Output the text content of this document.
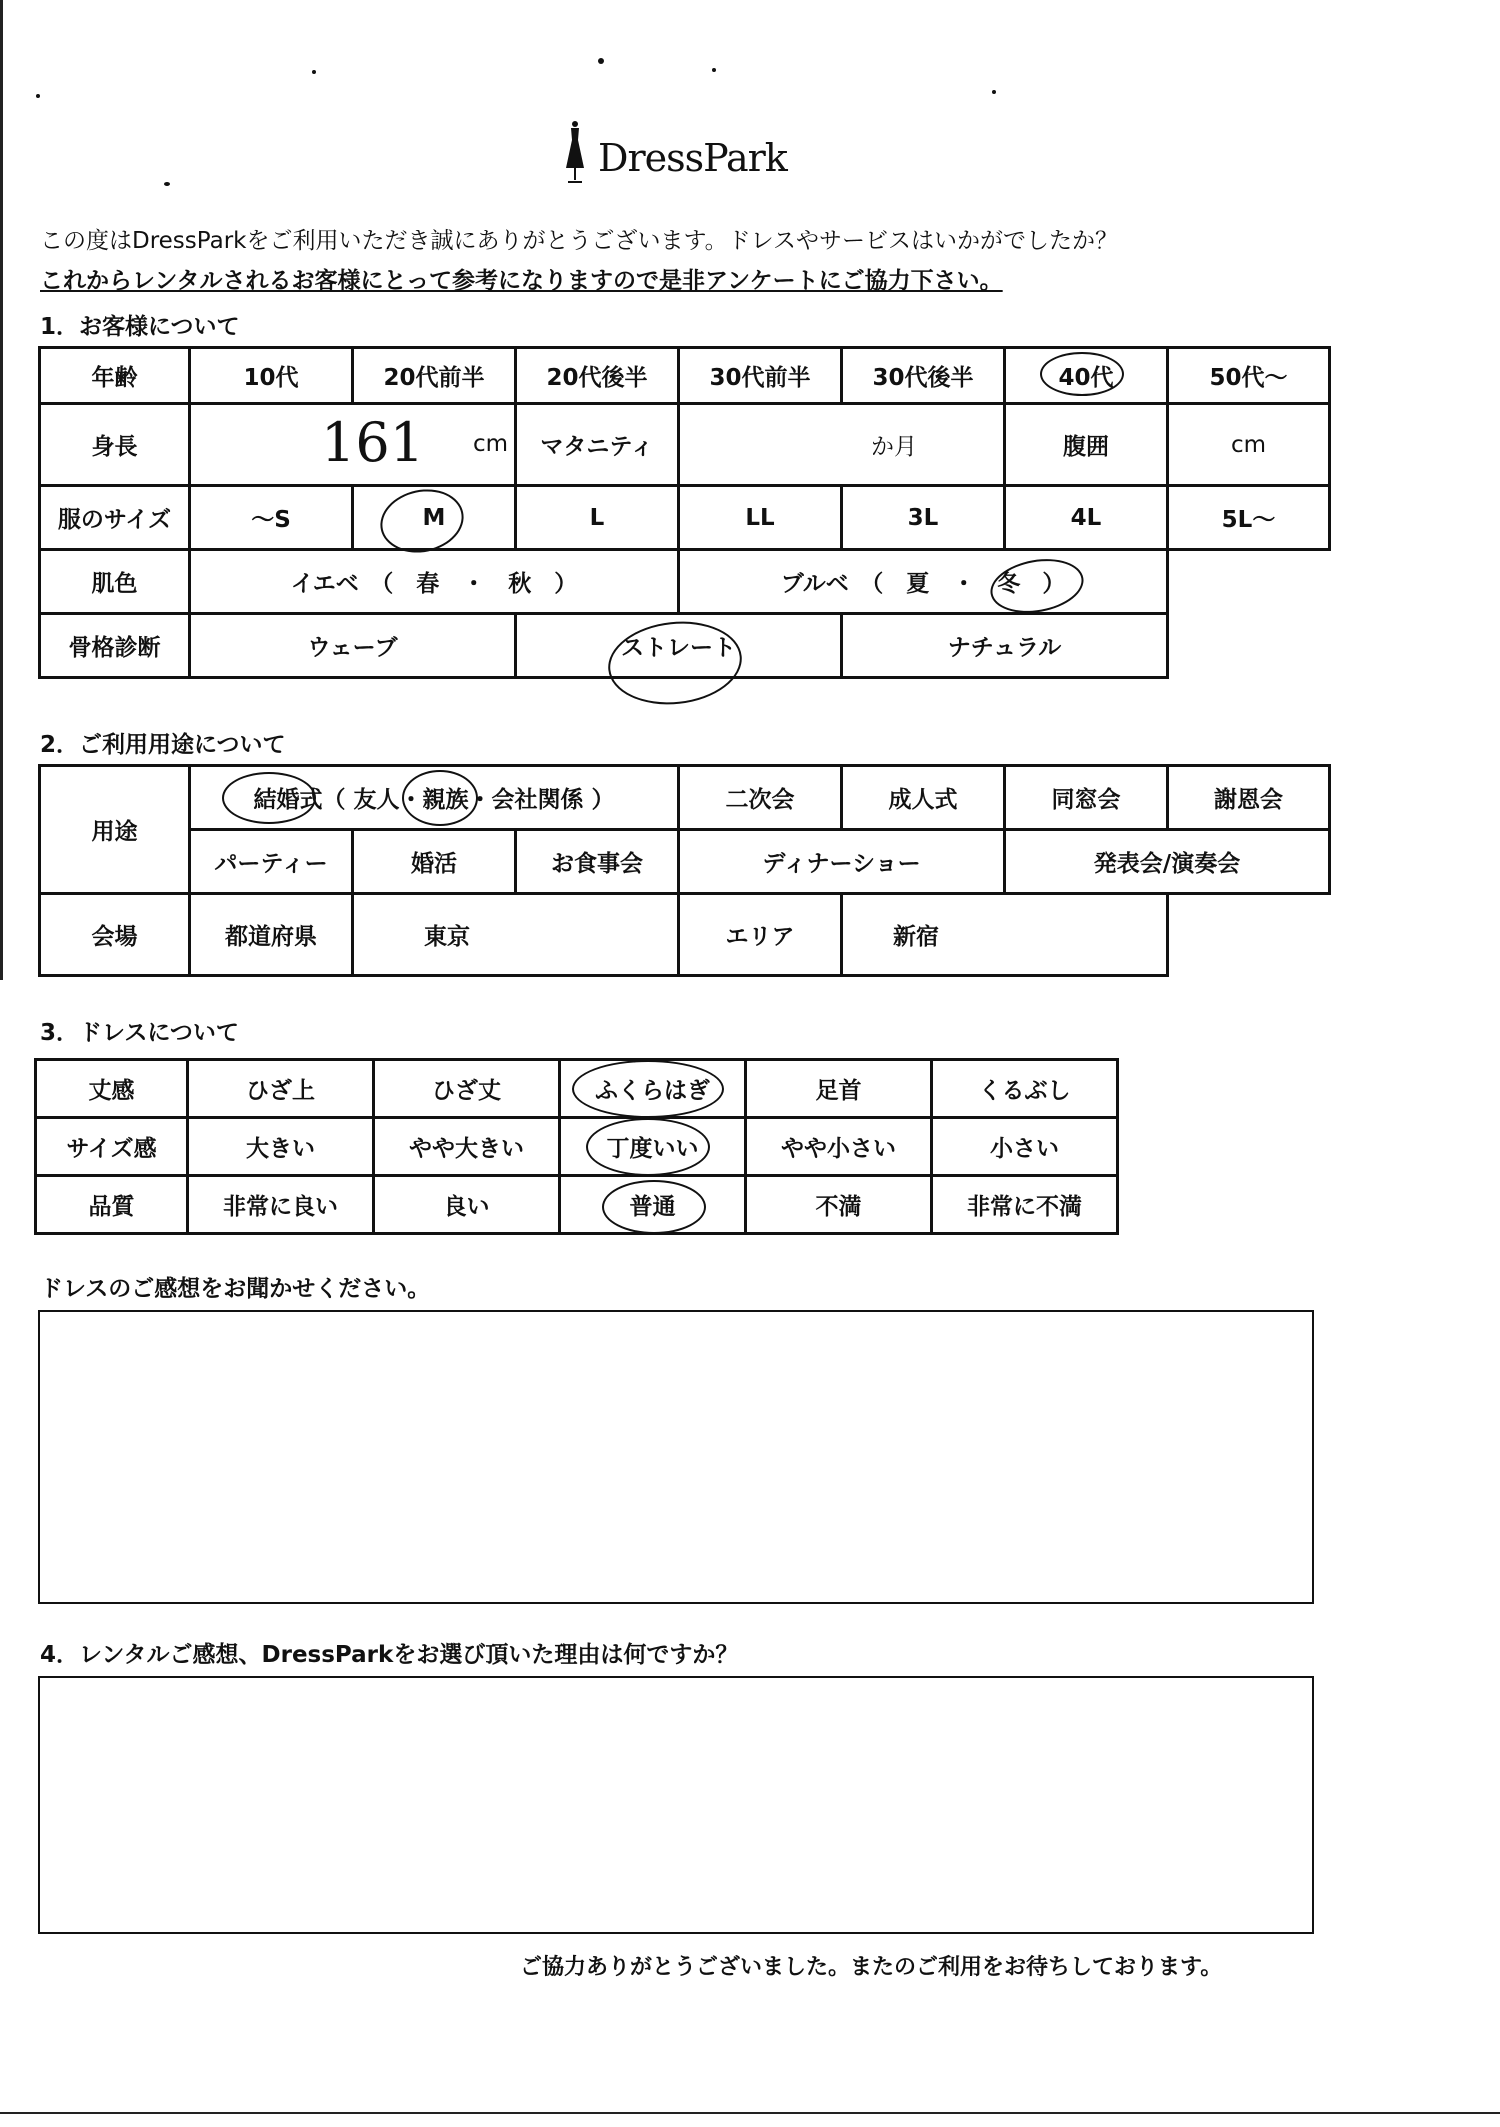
DressPark
この度はDressParkをご利用いただき誠にありがとうございます。ドレスやサービスはいかがでしたか？
これからレンタルされるお客様にとって参考になりますので是非アンケートにご協力下さい。
1．お客様について
年齢	10代	20代前半	20代後半	30代前半	30代後半	40代	50代～
身長	161 cm		マタニティ	か月		腹囲	cm
服のサイズ	～S	M	L	LL	3L	4L	5L～
肌色	イエベ　（　春　・　秋　）			ブルベ　（　夏　・ 冬 ）			
骨格診断	ウェーブ		ストレート		ナチュラル		
2．ご利用用途について
用途	結婚式（ 友人・親族・会社関係 ）			二次会	成人式	同窓会	謝恩会
	パーティー	婚活	お食事会	ディナーショー		発表会/演奏会	
会場	都道府県	東京		エリア	新宿		
3．ドレスについて
丈感	ひざ上	ひざ丈	ふくらはぎ	足首	くるぶし
サイズ感	大きい	やや大きい	丁度いい	やや小さい	小さい
品質	非常に良い	良い	普通	不満	非常に不満
ドレスのご感想をお聞かせください。
4．レンタルご感想、DressParkをお選び頂いた理由は何ですか？
ご協力ありがとうございました。またのご利用をお待ちしております。
